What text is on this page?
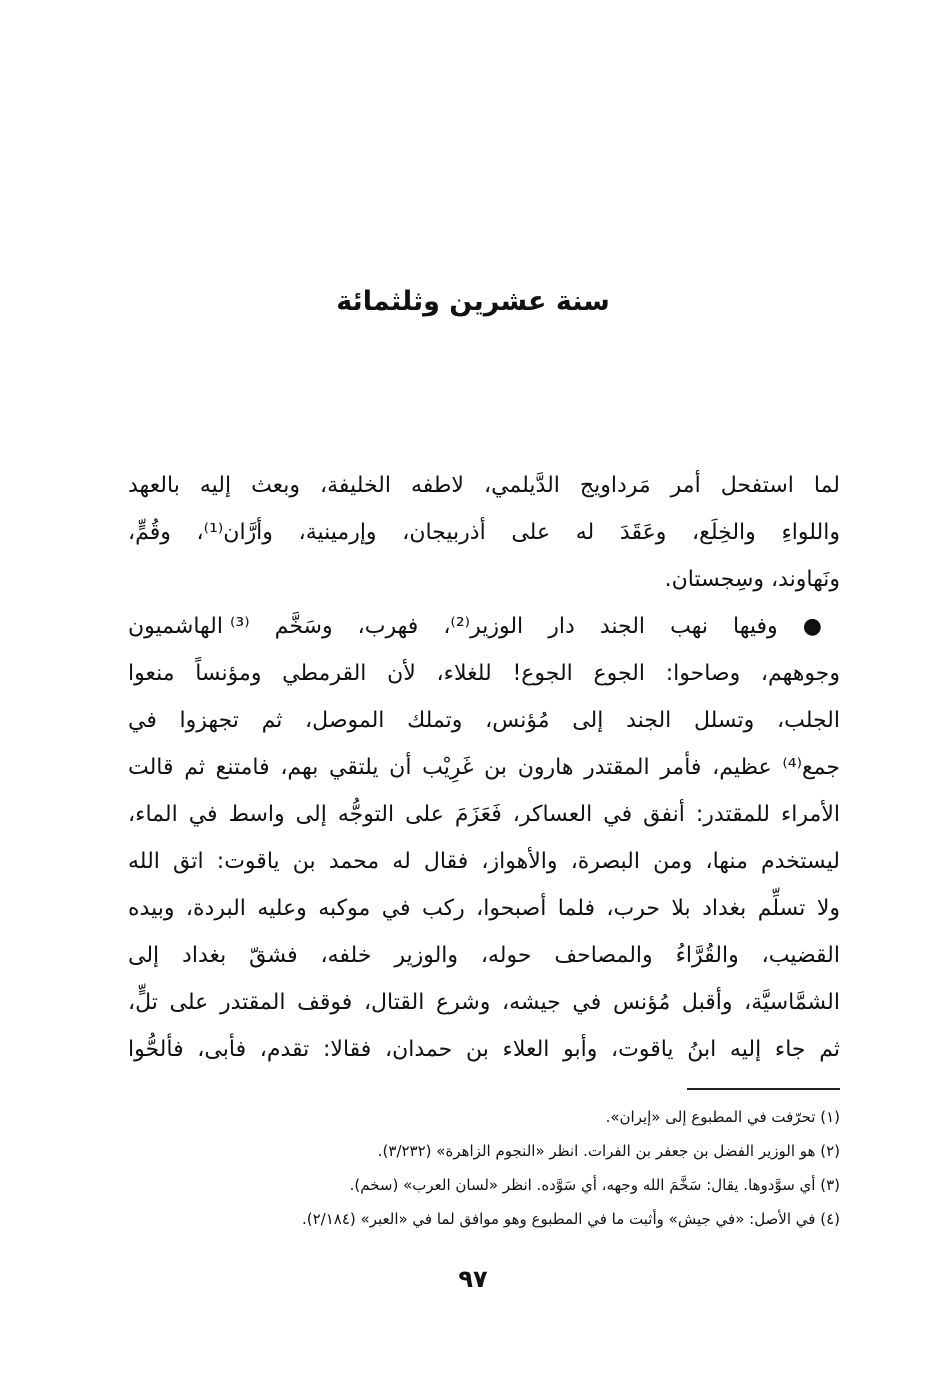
سنة عشرين وثلثمائة
لما استفحل أمر مَرداويج الدَّيلمي، لاطفه الخليفة، وبعث إليه بالعهد
واللواءِ والخِلَع، وعَقَدَ له على أذربيجان، وإرمينية، وأرَّان⁽¹⁾، وقُمٍّ،
ونَهاوند، وسِجستان.
● وفيها نهب الجند دار الوزير⁽²⁾، فهرب، وسَخَّم ⁽³⁾ الهاشميون
وجوههم، وصاحوا: الجوع الجوع! للغلاء، لأن القرمطي ومؤنساً منعوا
الجلب، وتسلل الجند إلى مُؤنس، وتملك الموصل، ثم تجهزوا في
جمع⁽⁴⁾ عظيم، فأمر المقتدر هارون بن غَرِيْب أن يلتقي بهم، فامتنع ثم قالت
الأمراء للمقتدر: أنفق في العساكر، فَعَزَمَ على التوجُّه إلى واسط في الماء،
ليستخدم منها، ومن البصرة، والأهواز، فقال له محمد بن ياقوت: اتق الله
ولا تسلِّم بغداد بلا حرب، فلما أصبحوا، ركب في موكبه وعليه البردة، وبيده
القضيب، والقُرَّاءُ والمصاحف حوله، والوزير خلفه، فشقّ بغداد إلى
الشمَّاسيَّة، وأقبل مُؤنس في جيشه، وشرع القتال، فوقف المقتدر على تلٍّ،
ثم جاء إليه ابنُ ياقوت، وأبو العلاء بن حمدان، فقالا: تقدم، فأبى، فألحُّوا
(١) تحرّفت في المطبوع إلى «إيران».
(٢) هو الوزير الفضل بن جعفر بن الفرات. انظر «النجوم الزاهرة» (٣/٢٣٢).
(٣) أي سوَّدوها. يقال: سَخَّمَ الله وجهه، أي سَوَّده. انظر «لسان العرب» (سخم).
(٤) في الأصل: «في جيش» وأثبت ما في المطبوع وهو موافق لما في «العبر» (٢/١٨٤).
٩٧
